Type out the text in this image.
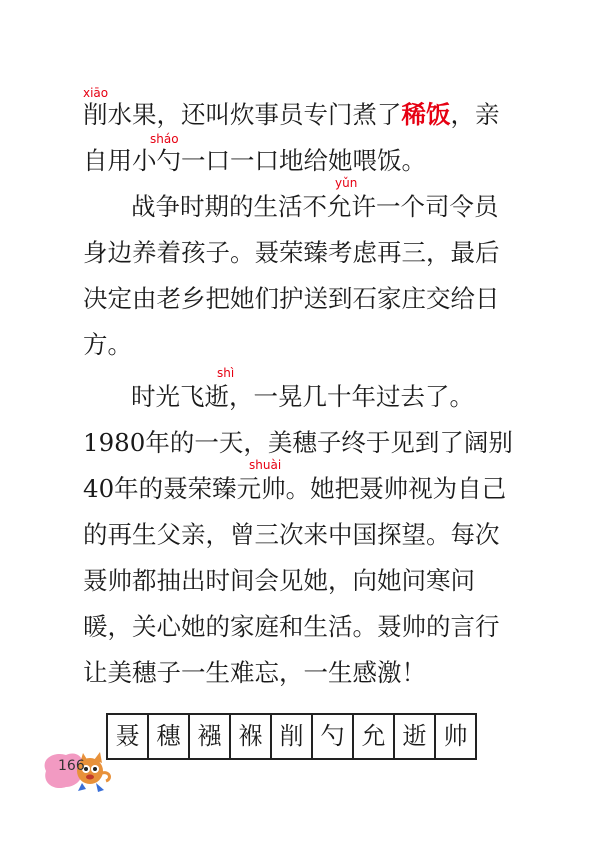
xiāo
削水果，还叫炊事员专门煮了稀饭，亲
sháo
自用小勺一口一口地给她喂饭。
yǔn
战争时期的生活不允许一个司令员
身边养着孩子。聂荣臻考虑再三，最后
决定由老乡把她们护送到石家庄交给日
方。
shì
时光飞逝，一晃几十年过去了。
1980年的一天，美穗子终于见到了阔别
shuài
40年的聂荣臻元帅。她把聂帅视为自己
的再生父亲，曾三次来中国探望。每次
聂帅都抽出时间会见她，向她问寒问
暖，关心她的家庭和生活。聂帅的言行
让美穗子一生难忘，一生感激！
聂 穗 襁 褓 削 勺 允 逝 帅
166
